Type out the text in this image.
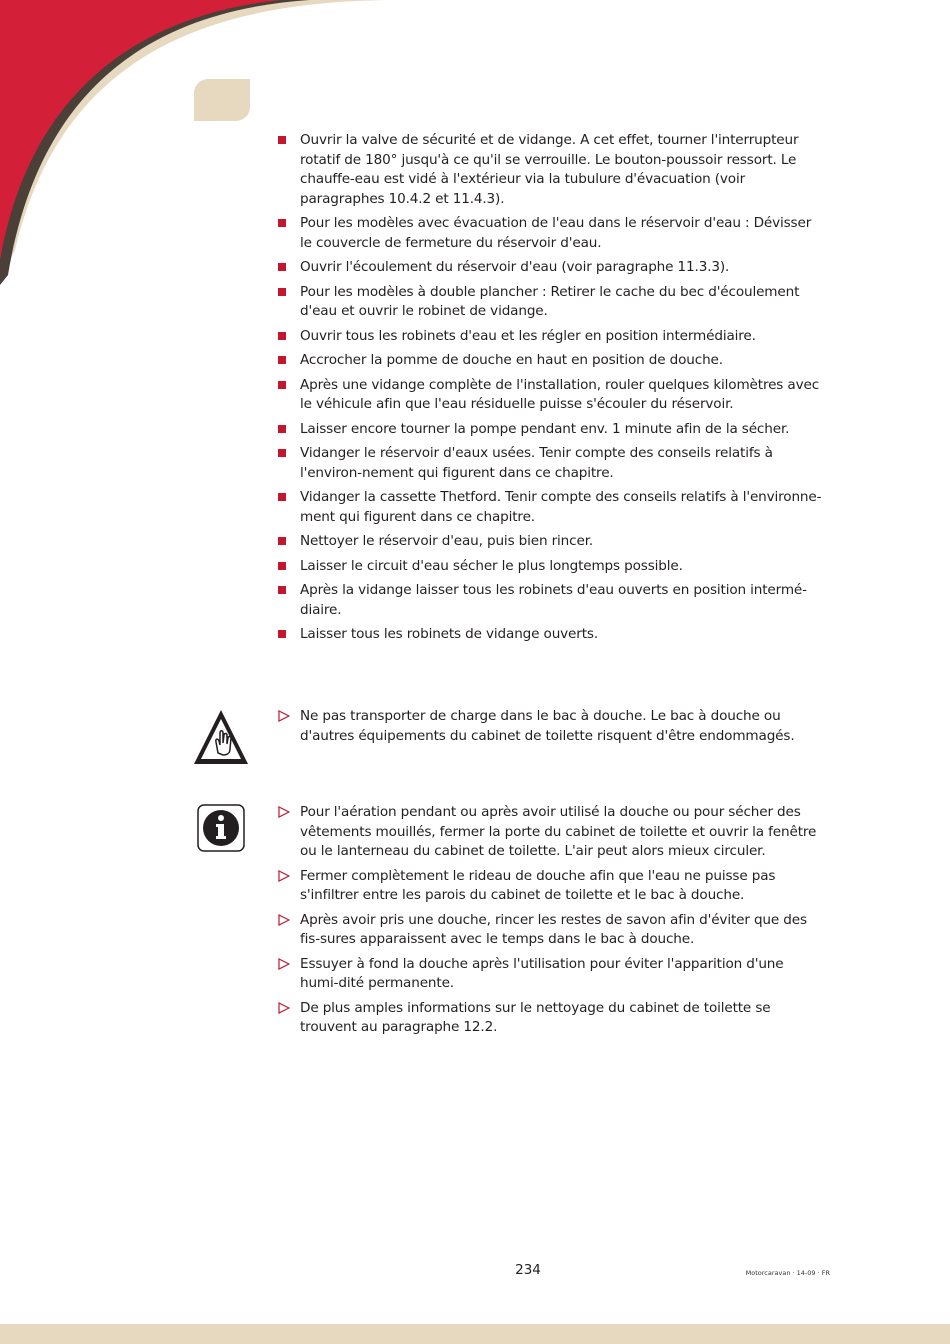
Ouvrir la valve de sécurité et de vidange. A cet effet, tourner l'interrupteur rotatif de 180° jusqu'à ce qu'il se verrouille. Le bouton-poussoir ressort. Le chauffe-eau est vidé à l'extérieur via la tubulure d'évacuation (voir paragraphes 10.4.2 et 11.4.3).
Pour les modèles avec évacuation de l'eau dans le réservoir d'eau : Dévisser le couvercle de fermeture du réservoir d'eau.
Ouvrir l'écoulement du réservoir d'eau (voir paragraphe 11.3.3).
Pour les modèles à double plancher : Retirer le cache du bec d'écoulement d'eau et ouvrir le robinet de vidange.
Ouvrir tous les robinets d'eau et les régler en position intermédiaire.
Accrocher la pomme de douche en haut en position de douche.
Après une vidange complète de l'installation, rouler quelques kilomètres avec le véhicule afin que l'eau résiduelle puisse s'écouler du réservoir.
Laisser encore tourner la pompe pendant env. 1 minute afin de la sécher.
Vidanger le réservoir d'eaux usées. Tenir compte des conseils relatifs à l'environ-nement qui figurent dans ce chapitre.
Vidanger la cassette Thetford. Tenir compte des conseils relatifs à l'environne-ment qui figurent dans ce chapitre.
Nettoyer le réservoir d'eau, puis bien rincer.
Laisser le circuit d'eau sécher le plus longtemps possible.
Après la vidange laisser tous les robinets d'eau ouverts en position intermé-diaire.
Laisser tous les robinets de vidange ouverts.
Ne pas transporter de charge dans le bac à douche. Le bac à douche ou d'autres équipements du cabinet de toilette risquent d'être endommagés.
Pour l'aération pendant ou après avoir utilisé la douche ou pour sécher des vêtements mouillés, fermer la porte du cabinet de toilette et ouvrir la fenêtre ou le lanterneau du cabinet de toilette. L'air peut alors mieux circuler.
Fermer complètement le rideau de douche afin que l'eau ne puisse pas s'infiltrer entre les parois du cabinet de toilette et le bac à douche.
Après avoir pris une douche, rincer les restes de savon afin d'éviter que des fis-sures apparaissent avec le temps dans le bac à douche.
Essuyer à fond la douche après l'utilisation pour éviter l'apparition d'une humi-dité permanente.
De plus amples informations sur le nettoyage du cabinet de toilette se trouvent au paragraphe 12.2.
234	Motorcaravan · 14-09 · FR
